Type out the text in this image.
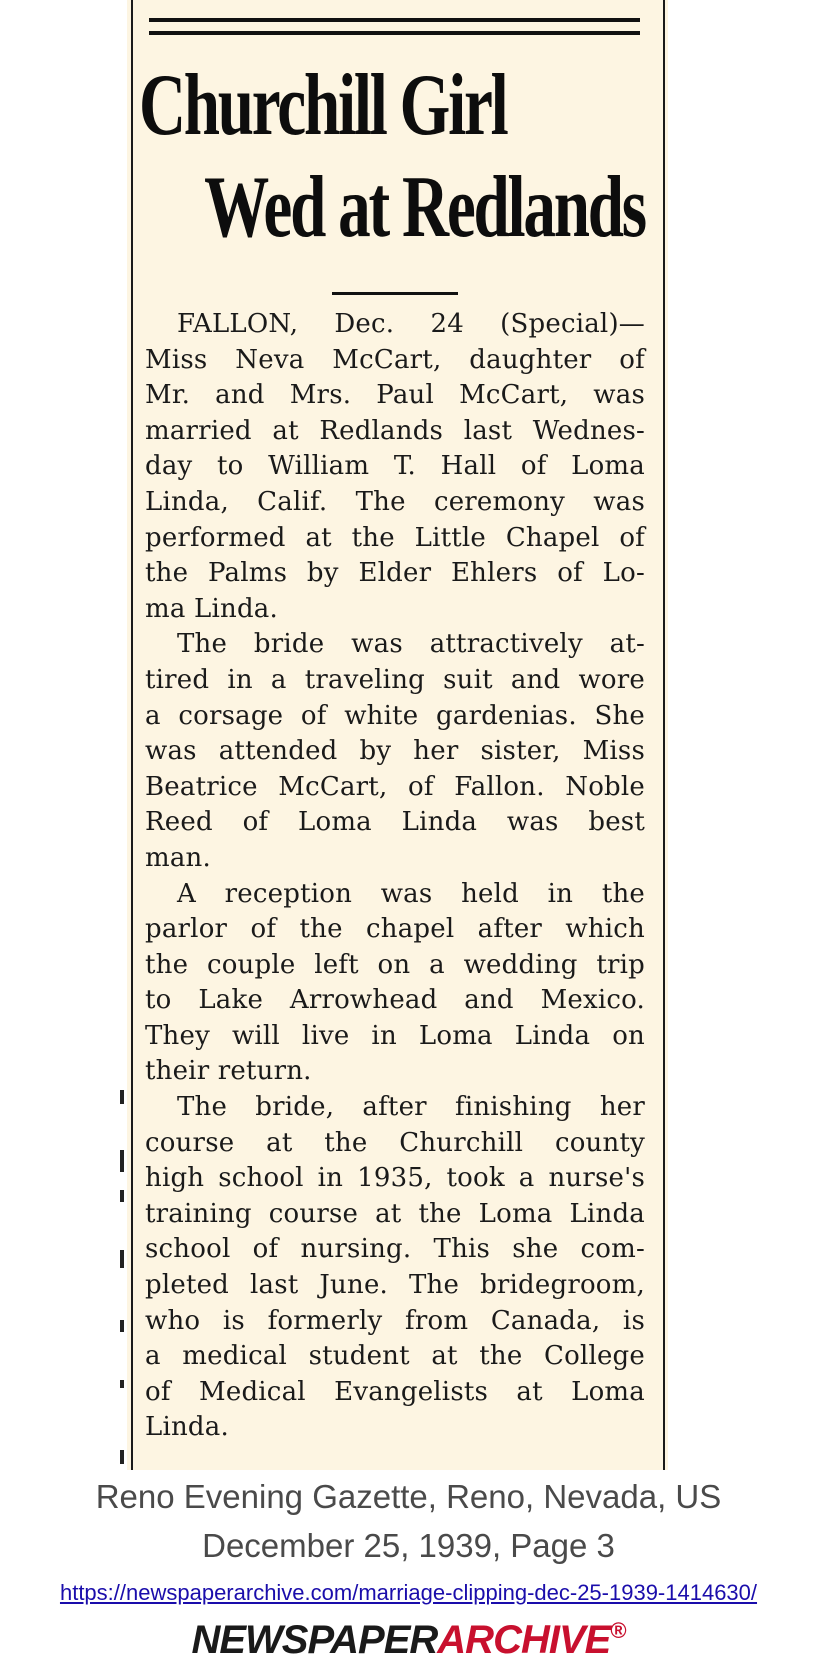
Churchill Girl
Wed at Redlands

FALLON, Dec. 24 (Special)—
Miss Neva McCart, daughter of
Mr. and Mrs. Paul McCart, was
married at Redlands last Wednes-
day to William T. Hall of Loma
Linda, Calif. The ceremony was
performed at the Little Chapel of
the Palms by Elder Ehlers of Lo-
ma Linda.

The bride was attractively at-
tired in a traveling suit and wore
a corsage of white gardenias. She
was attended by her sister, Miss
Beatrice McCart, of Fallon. Noble
Reed of Loma Linda was best
man.

A reception was held in the
parlor of the chapel after which
the couple left on a wedding trip
to Lake Arrowhead and Mexico.
They will live in Loma Linda on
their return.

The bride, after finishing her
course at the Churchill county
high school in 1935, took a nurse's
training course at the Loma Linda
school of nursing. This she com-
pleted last June. The bridegroom,
who is formerly from Canada, is
a medical student at the College
of Medical Evangelists at Loma
Linda.

Reno Evening Gazette, Reno, Nevada, US
December 25, 1939, Page 3
https://newspaperarchive.com/marriage-clipping-dec-25-1939-1414630/
NEWSPAPERARCHIVE®
